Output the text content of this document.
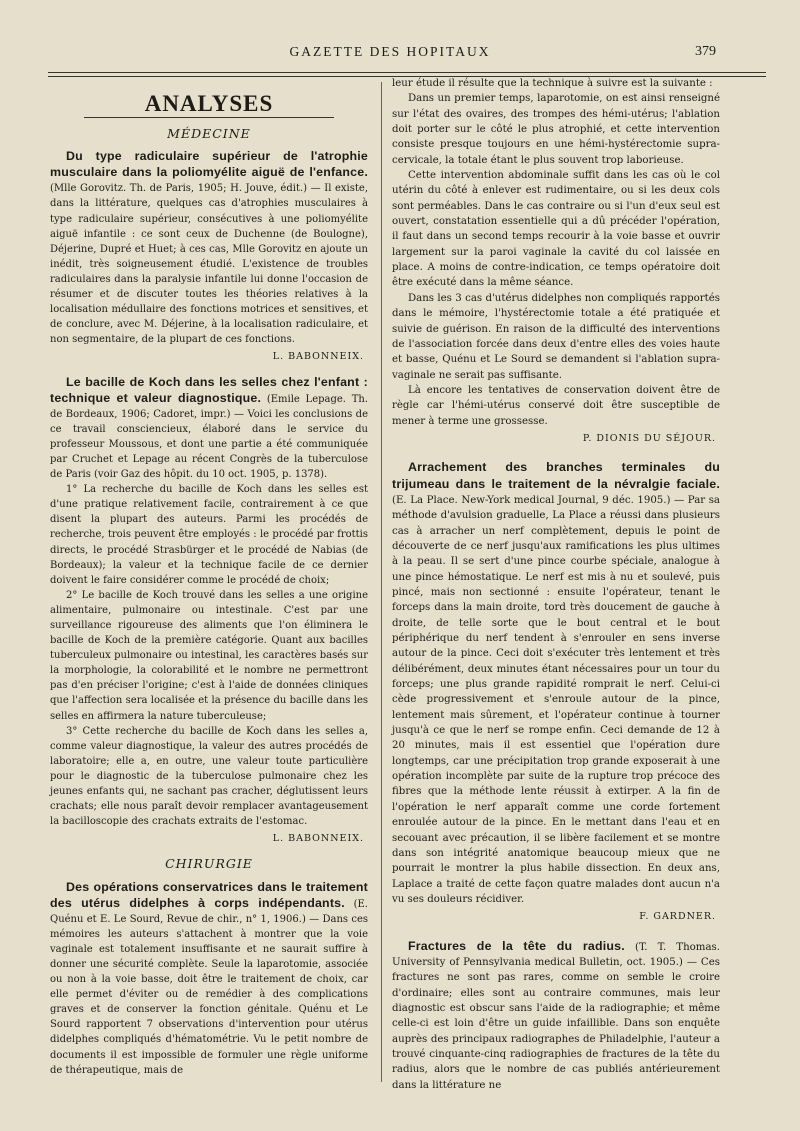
GAZETTE DES HOPITAUX	379
ANALYSES
MÉDECINE

Du type radiculaire supérieur de l'atrophie musculaire dans la poliomyélite aiguë de l'enfance. (Mlle Gorovitz. Th. de Paris, 1905; H. Jouve, édit.) — Il existe, dans la littérature, quelques cas d'atrophies musculaires à type radiculaire supérieur, consécutives à une poliomyélite aiguë infantile : ce sont ceux de Duchenne (de Boulogne), Déjerine, Dupré et Huet; à ces cas, Mlle Gorovitz en ajoute un inédit, très soigneusement étudié. L'existence de troubles radiculaires dans la paralysie infantile lui donne l'occasion de résumer et de discuter toutes les théories relatives à la localisation médullaire des fonctions motrices et sensitives, et de conclure, avec M. Déjerine, à la localisation radiculaire, et non segmentaire, de la plupart de ces fonctions.

L. BABONNEIX.

Le bacille de Koch dans les selles chez l'enfant : technique et valeur diagnostique. (Emile Lepage. Th. de Bordeaux, 1906; Cadoret, impr.) — Voici les conclusions de ce travail consciencieux, élaboré dans le service du professeur Moussous, et dont une partie a été communiquée par Cruchet et Lepage au récent Congrès de la tuberculose de Paris (voir Gaz des hôpit. du 10 oct. 1905, p. 1378).

1° La recherche du bacille de Koch dans les selles est d'une pratique relativement facile, contrairement à ce que disent la plupart des auteurs. Parmi les procédés de recherche, trois peuvent être employés : le procédé par frottis directs, le procédé Strasbürger et le procédé de Nabias (de Bordeaux); la valeur et la technique facile de ce dernier doivent le faire considérer comme le procédé de choix;

2° Le bacille de Koch trouvé dans les selles a une origine alimentaire, pulmonaire ou intestinale. C'est par une surveillance rigoureuse des aliments que l'on éliminera le bacille de Koch de la première catégorie. Quant aux bacilles tuberculeux pulmonaire ou intestinal, les caractères basés sur la morphologie, la colorabilité et le nombre ne permettront pas d'en préciser l'origine; c'est à l'aide de données cliniques que l'affection sera localisée et la présence du bacille dans les selles en affirmera la nature tuberculeuse;

3° Cette recherche du bacille de Koch dans les selles a, comme valeur diagnostique, la valeur des autres procédés de laboratoire; elle a, en outre, une valeur toute particulière pour le diagnostic de la tuberculose pulmonaire chez les jeunes enfants qui, ne sachant pas cracher, déglutissent leurs crachats; elle nous paraît devoir remplacer avantageusement la bacilloscopie des crachats extraits de l'estomac.

L. BABONNEIX.
CHIRURGIE

Des opérations conservatrices dans le traitement des utérus didelphes à corps indépendants. (E. Quénu et E. Le Sourd, Revue de chir., n° 1, 1906.) — Dans ces mémoires les auteurs s'attachent à montrer que la voie vaginale est totalement insuffisante et ne saurait suffire à donner une sécurité complète. Seule la laparotomie, associée ou non à la voie basse, doit être le traitement de choix, car elle permet d'éviter ou de remédier à des complications graves et de conserver la fonction génitale. Quénu et Le Sourd rapportent 7 observations d'intervention pour utérus didelphes compliqués d'hématométrie. Vu le petit nombre de documents il est impossible de formuler une règle uniforme de thérapeutique, mais de

leur étude il résulte que la technique à suivre est la suivante :

Dans un premier temps, laparotomie, on est ainsi renseigné sur l'état des ovaires, des trompes des hémi-utérus; l'ablation doit porter sur le côté le plus atrophié, et cette intervention consiste presque toujours en une hémi-hystérectomie supra-cervicale, la totale étant le plus souvent trop laborieuse.

Cette intervention abdominale suffit dans les cas où le col utérin du côté à enlever est rudimentaire, ou si les deux cols sont perméables. Dans le cas contraire ou si l'un d'eux seul est ouvert, constatation essentielle qui a dû précéder l'opération, il faut dans un second temps recourir à la voie basse et ouvrir largement sur la paroi vaginale la cavité du col laissée en place. A moins de contre-indication, ce temps opératoire doit être exécuté dans la même séance.

Dans les 3 cas d'utérus didelphes non compliqués rapportés dans le mémoire, l'hystérectomie totale a été pratiquée et suivie de guérison. En raison de la difficulté des interventions de l'association forcée dans deux d'entre elles des voies haute et basse, Quénu et Le Sourd se demandent si l'ablation supra-vaginale ne serait pas suffisante.

Là encore les tentatives de conservation doivent être de règle car l'hémi-utérus conservé doit être susceptible de mener à terme une grossesse.

P. DIONIS DU SÉJOUR.

Arrachement des branches terminales du trijumeau dans le traitement de la névralgie faciale. (E. La Place. New-York medical Journal, 9 déc. 1905.) — Par sa méthode d'avulsion graduelle, La Place a réussi dans plusieurs cas à arracher un nerf complètement, depuis le point de découverte de ce nerf jusqu'aux ramifications les plus ultimes à la peau. Il se sert d'une pince courbe spéciale, analogue à une pince hémostatique. Le nerf est mis à nu et soulevé, puis pincé, mais non sectionné : ensuite l'opérateur, tenant le forceps dans la main droite, tord très doucement de gauche à droite, de telle sorte que le bout central et le bout périphérique du nerf tendent à s'enrouler en sens inverse autour de la pince. Ceci doit s'exécuter très lentement et très délibérément, deux minutes étant nécessaires pour un tour du forceps; une plus grande rapidité romprait le nerf. Celui-ci cède progressivement et s'enroule autour de la pince, lentement mais sûrement, et l'opérateur continue à tourner jusqu'à ce que le nerf se rompe enfin. Ceci demande de 12 à 20 minutes, mais il est essentiel que l'opération dure longtemps, car une précipitation trop grande exposerait à une opération incomplète par suite de la rupture trop précoce des fibres que la méthode lente réussit à extirper. A la fin de l'opération le nerf apparaît comme une corde fortement enroulée autour de la pince. En le mettant dans l'eau et en secouant avec précaution, il se libère facilement et se montre dans son intégrité anatomique beaucoup mieux que ne pourrait le montrer la plus habile dissection. En deux ans, Laplace a traité de cette façon quatre malades dont aucun n'a vu ses douleurs récidiver.

F. GARDNER.

Fractures de la tête du radius. (T. T. Thomas. University of Pennsylvania medical Bulletin, oct. 1905.) — Ces fractures ne sont pas rares, comme on semble le croire d'ordinaire; elles sont au contraire communes, mais leur diagnostic est obscur sans l'aide de la radiographie; et même celle-ci est loin d'être un guide infaillible. Dans son enquête auprès des principaux radiographes de Philadelphie, l'auteur a trouvé cinquante-cinq radiographies de fractures de la tête du radius, alors que le nombre de cas publiés antérieurement dans la littérature ne
